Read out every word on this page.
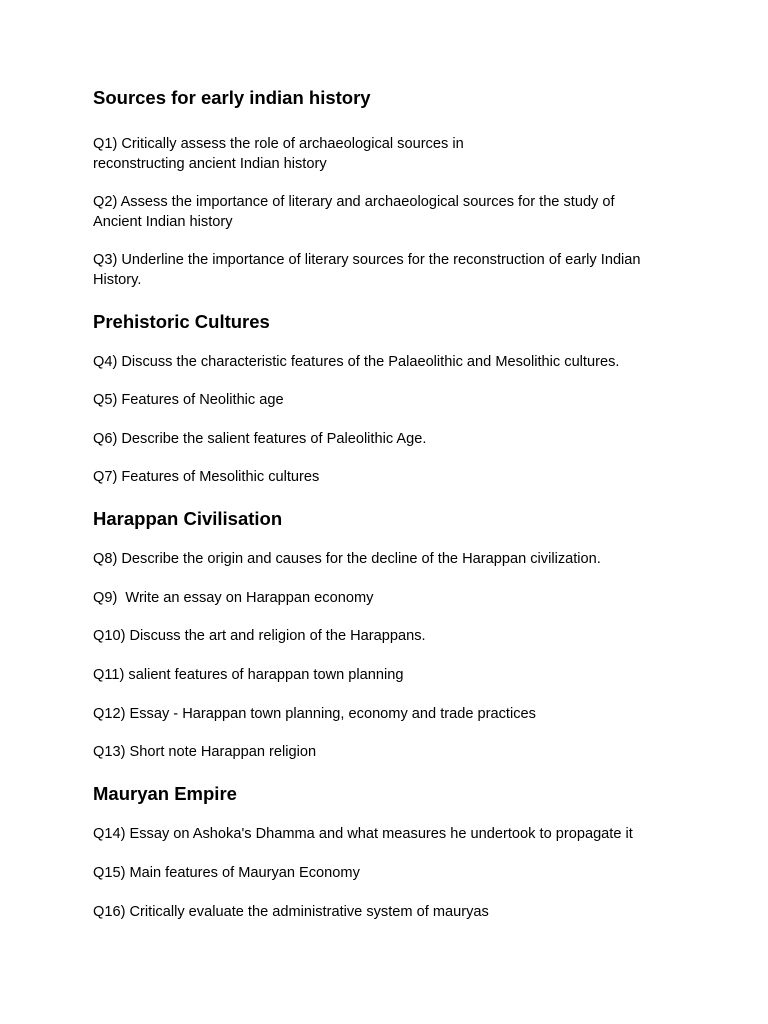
Sources for early indian history

Q1) Critically assess the role of archaeological sources in
reconstructing ancient Indian history

Q2) Assess the importance of literary and archaeological sources for the study of
Ancient Indian history

Q3) Underline the importance of literary sources for the reconstruction of early Indian
History.

Prehistoric Cultures

Q4) Discuss the characteristic features of the Palaeolithic and Mesolithic cultures.

Q5) Features of Neolithic age

Q6) Describe the salient features of Paleolithic Age.

Q7) Features of Mesolithic cultures

Harappan Civilisation

Q8) Describe the origin and causes for the decline of the Harappan civilization.

Q9)  Write an essay on Harappan economy

Q10) Discuss the art and religion of the Harappans.

Q11) salient features of harappan town planning

Q12) Essay - Harappan town planning, economy and trade practices

Q13) Short note Harappan religion

Mauryan Empire

Q14) Essay on Ashoka's Dhamma and what measures he undertook to propagate it

Q15) Main features of Mauryan Economy

Q16) Critically evaluate the administrative system of mauryas
